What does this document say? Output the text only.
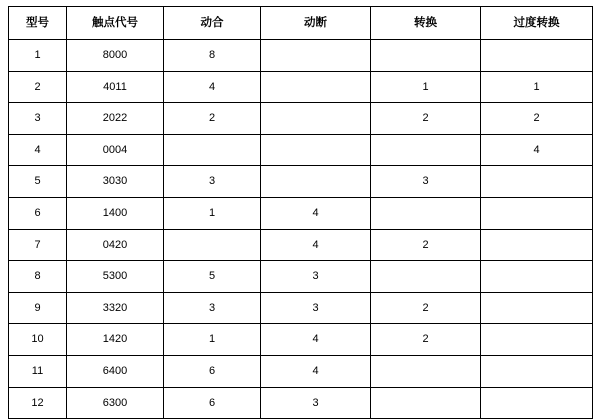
型号	触点代号	动合	动断	转换	过度转换
1	8000	8			
2	4011	4		1	1
3	2022	2		2	2
4	0004				4
5	3030	3		3	
6	1400	1	4		
7	0420		4	2	
8	5300	5	3		
9	3320	3	3	2	
10	1420	1	4	2	
11	6400	6	4		
12	6300	6	3		
